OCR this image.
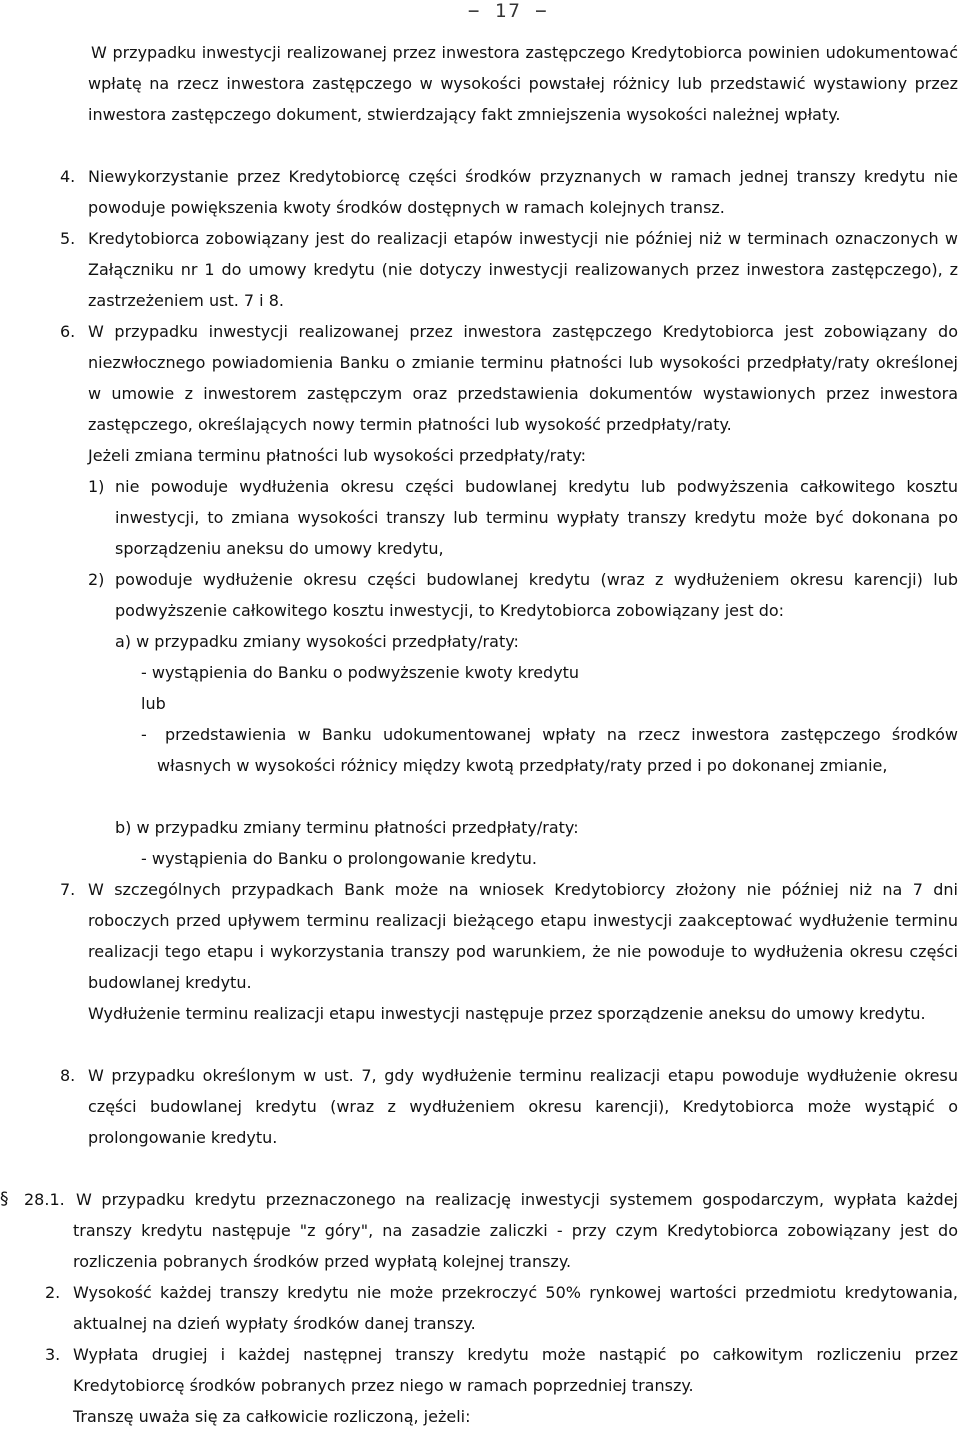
− 17 −

W przypadku inwestycji realizowanej przez inwestora zastępczego Kredytobiorca powinien udokumentować wpłatę na rzecz inwestora zastępczego w wysokości powstałej różnicy lub przedstawić wystawiony przez inwestora zastępczego dokument, stwierdzający fakt zmniejszenia wysokości należnej wpłaty.

4. Niewykorzystanie przez Kredytobiorcę części środków przyznanych w ramach jednej transzy kredytu nie powoduje powiększenia kwoty środków dostępnych w ramach kolejnych transz.

5. Kredytobiorca zobowiązany jest do realizacji etapów inwestycji nie później niż w terminach oznaczonych w Załączniku nr 1 do umowy kredytu (nie dotyczy inwestycji realizowanych przez inwestora zastępczego), z zastrzeżeniem ust. 7 i 8.

6. W przypadku inwestycji realizowanej przez inwestora zastępczego Kredytobiorca jest zobowiązany do niezwłocznego powiadomienia Banku o zmianie terminu płatności lub wysokości przedpłaty/raty określonej w umowie z inwestorem zastępczym oraz przedstawienia dokumentów wystawionych przez inwestora zastępczego, określających nowy termin płatności lub wysokość przedpłaty/raty.

Jeżeli zmiana terminu płatności lub wysokości przedpłaty/raty:

1) nie powoduje wydłużenia okresu części budowlanej kredytu lub podwyższenia całkowitego kosztu inwestycji, to zmiana wysokości transzy lub terminu wypłaty transzy kredytu może być dokonana po sporządzeniu aneksu do umowy kredytu,

2) powoduje wydłużenie okresu części budowlanej kredytu (wraz z wydłużeniem okresu karencji) lub podwyższenie całkowitego kosztu inwestycji, to Kredytobiorca zobowiązany jest do:

a) w przypadku zmiany wysokości przedpłaty/raty:

- wystąpienia do Banku o podwyższenie kwoty kredytu

lub

-	przedstawienia w Banku udokumentowanej wpłaty na rzecz inwestora zastępczego środków własnych w wysokości różnicy między kwotą przedpłaty/raty przed i po dokonanej zmianie,

b) w przypadku zmiany terminu płatności przedpłaty/raty:

- wystąpienia do Banku o prolongowanie kredytu.

7. W szczególnych przypadkach Bank może na wniosek Kredytobiorcy złożony nie później niż na 7 dni roboczych przed upływem terminu realizacji bieżącego etapu inwestycji zaakceptować wydłużenie terminu realizacji tego etapu i wykorzystania transzy pod warunkiem, że nie powoduje to wydłużenia okresu części budowlanej kredytu.

Wydłużenie terminu realizacji etapu inwestycji następuje przez sporządzenie aneksu do umowy kredytu.

8. W przypadku określonym w ust. 7, gdy wydłużenie terminu realizacji etapu powoduje wydłużenie okresu części budowlanej kredytu (wraz z wydłużeniem okresu karencji), Kredytobiorca może wystąpić o prolongowanie kredytu.

§ 28.1. W przypadku kredytu przeznaczonego na realizację inwestycji systemem gospodarczym, wypłata każdej transzy kredytu następuje "z góry", na zasadzie zaliczki - przy czym Kredytobiorca zobowiązany jest do rozliczenia pobranych środków przed wypłatą kolejnej transzy.

2. Wysokość każdej transzy kredytu nie może przekroczyć 50% rynkowej wartości przedmiotu kredytowania, aktualnej na dzień wypłaty środków danej transzy.

3. Wypłata drugiej i każdej następnej transzy kredytu może nastąpić po całkowitym rozliczeniu przez Kredytobiorcę środków pobranych przez niego w ramach poprzedniej transzy.

Transzę uważa się za całkowicie rozliczoną, jeżeli:
